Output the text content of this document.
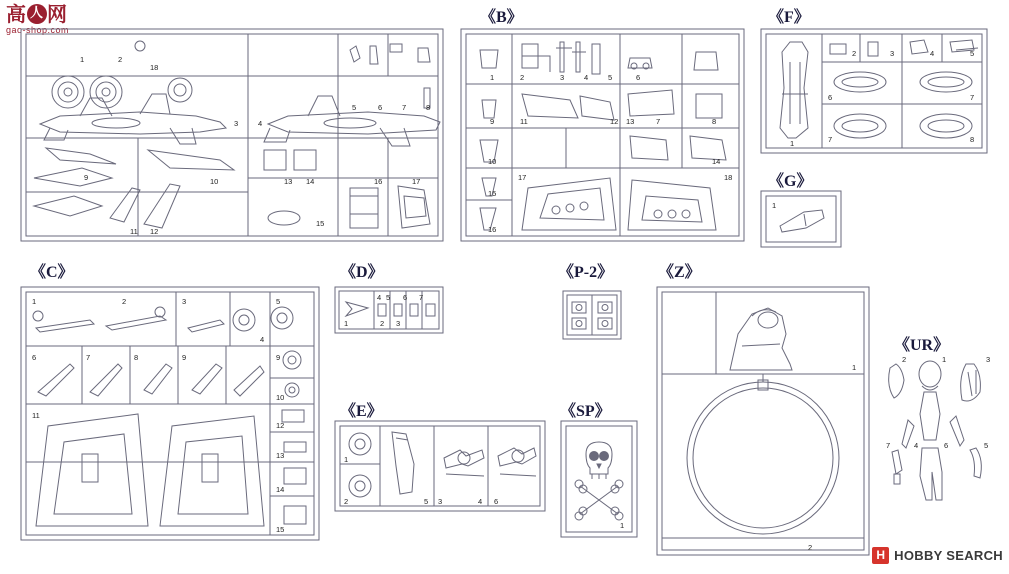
高 人 网
gao-shop.com
H HOBBY SEARCH
1	2
18
3	4
5	6	7	8
9	10
11 12
13 14
15
16	17
《B》
1	2	3	4	5	6
7	8
9
10
11	12 13
14
15
16
17	18
《F》
2	3	4	5
6	7
7	8
1
《G》
1
《C》
1	2	3
4
5
6	7	8	9	9
10
11
12
13
14
15
《D》
1
4 5 6 7
2 3
《P-2》	《Z》
1
2
《UR》
2	1	3
7	4	6	5
《E》
1
2	5 3	4 6
《SP》
1
